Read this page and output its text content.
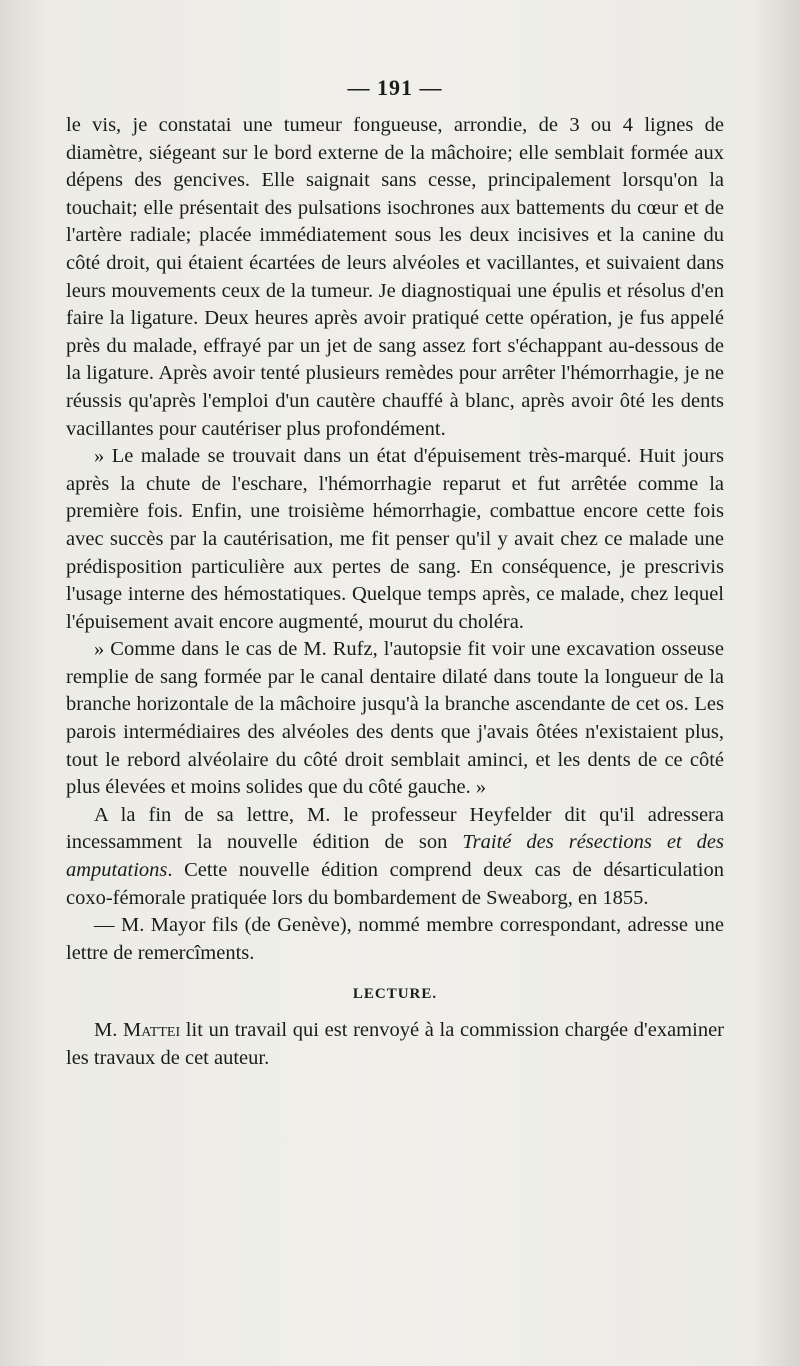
— 191 —

le vis, je constatai une tumeur fongueuse, arrondie, de 3 ou 4 lignes de diamètre, siégeant sur le bord externe de la mâchoire; elle semblait formée aux dépens des gencives. Elle saignait sans cesse, principalement lorsqu'on la touchait; elle présentait des pulsations isochrones aux battements du cœur et de l'artère radiale; placée immédiatement sous les deux incisives et la canine du côté droit, qui étaient écartées de leurs alvéoles et vacillantes, et suivaient dans leurs mouvements ceux de la tumeur. Je diagnostiquai une épulis et résolus d'en faire la ligature. Deux heures après avoir pratiqué cette opération, je fus appelé près du malade, effrayé par un jet de sang assez fort s'échappant au-dessous de la ligature. Après avoir tenté plusieurs remèdes pour arrêter l'hémorrhagie, je ne réussis qu'après l'emploi d'un cautère chauffé à blanc, après avoir ôté les dents vacillantes pour cautériser plus profondément.

» Le malade se trouvait dans un état d'épuisement très-marqué. Huit jours après la chute de l'eschare, l'hémorrhagie reparut et fut arrêtée comme la première fois. Enfin, une troisième hémorrhagie, combattue encore cette fois avec succès par la cautérisation, me fit penser qu'il y avait chez ce malade une prédisposition particulière aux pertes de sang. En conséquence, je prescrivis l'usage interne des hémostatiques. Quelque temps après, ce malade, chez lequel l'épuisement avait encore augmenté, mourut du choléra.

» Comme dans le cas de M. Rufz, l'autopsie fit voir une excavation osseuse remplie de sang formée par le canal dentaire dilaté dans toute la longueur de la branche horizontale de la mâchoire jusqu'à la branche ascendante de cet os. Les parois intermédiaires des alvéoles des dents que j'avais ôtées n'existaient plus, tout le rebord alvéolaire du côté droit semblait aminci, et les dents de ce côté plus élevées et moins solides que du côté gauche. »

A la fin de sa lettre, M. le professeur Heyfelder dit qu'il adressera incessamment la nouvelle édition de son Traité des résections et des amputations. Cette nouvelle édition comprend deux cas de désarticulation coxo-fémorale pratiquée lors du bombardement de Sweaborg, en 1855.

— M. Mayor fils (de Genève), nommé membre correspondant, adresse une lettre de remercîments.

LECTURE.

M. Mattei lit un travail qui est renvoyé à la commission chargée d'examiner les travaux de cet auteur.
